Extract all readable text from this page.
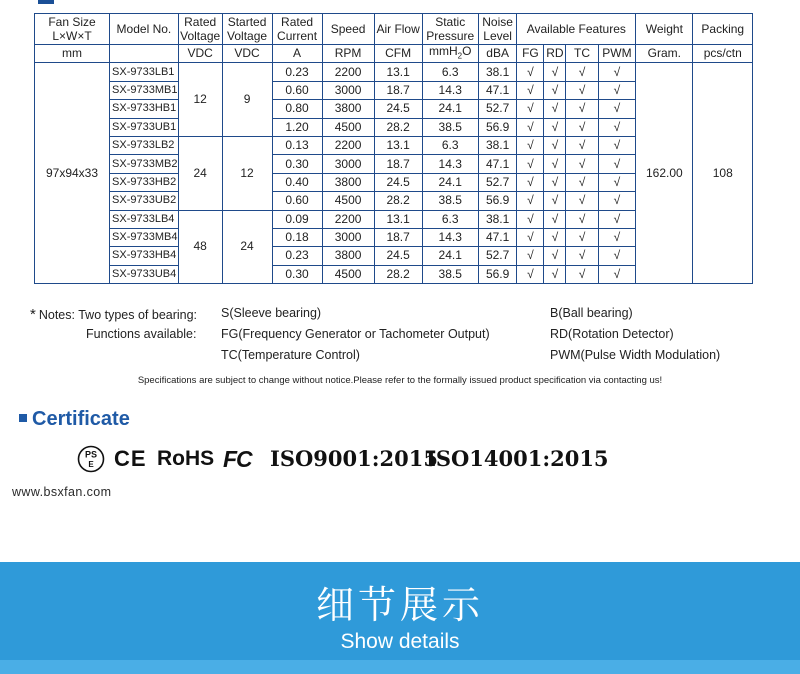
Fan Size L×W×T	Model No.	Rated Voltage	Started Voltage	Rated Current	Speed	Air Flow	Static Pressure	Noise Level	Available Features				Weight	Packing
mm		VDC	VDC	A	RPM	CFM	mmH$_2$O	dBA	FG	RD	TC	PWM	Gram.	pcs/ctn
97x94x33	SX-9733LB1	12	9	0.23	2200	13.1	6.3	38.1	√	√	√	√	162.00	108
	SX-9733MB1			0.60	3000	18.7	14.3	47.1	√	√	√	√		
	SX-9733HB1			0.80	3800	24.5	24.1	52.7	√	√	√	√		
	SX-9733UB1			1.20	4500	28.2	38.5	56.9	√	√	√	√		
	SX-9733LB2	24	12	0.13	2200	13.1	6.3	38.1	√	√	√	√		
	SX-9733MB2			0.30	3000	18.7	14.3	47.1	√	√	√	√		
	SX-9733HB2			0.40	3800	24.5	24.1	52.7	√	√	√	√		
	SX-9733UB2			0.60	4500	28.2	38.5	56.9	√	√	√	√		
	SX-9733LB4	48	24	0.09	2200	13.1	6.3	38.1	√	√	√	√		
	SX-9733MB4			0.18	3000	18.7	14.3	47.1	√	√	√	√		
	SX-9733HB4			0.23	3800	24.5	24.1	52.7	√	√	√	√		
	SX-9733UB4			0.30	4500	28.2	38.5	56.9	√	√	√	√		
* Notes: Two types of bearing: S(Sleeve bearing)	B(Ball bearing)
Functions available: FG(Frequency Generator or Tachometer Output)	RD(Rotation Detector)
TC(Temperature Control)	PWM(Pulse Width Modulation)
Specifications are subject to change without notice.Please refer to the formally issued product specification via contacting us!
Certificate
PS
E CE RoHS FC ISO9001:2015
ISO14001:2015
www.bsxfan.com
细节展示
Show details
